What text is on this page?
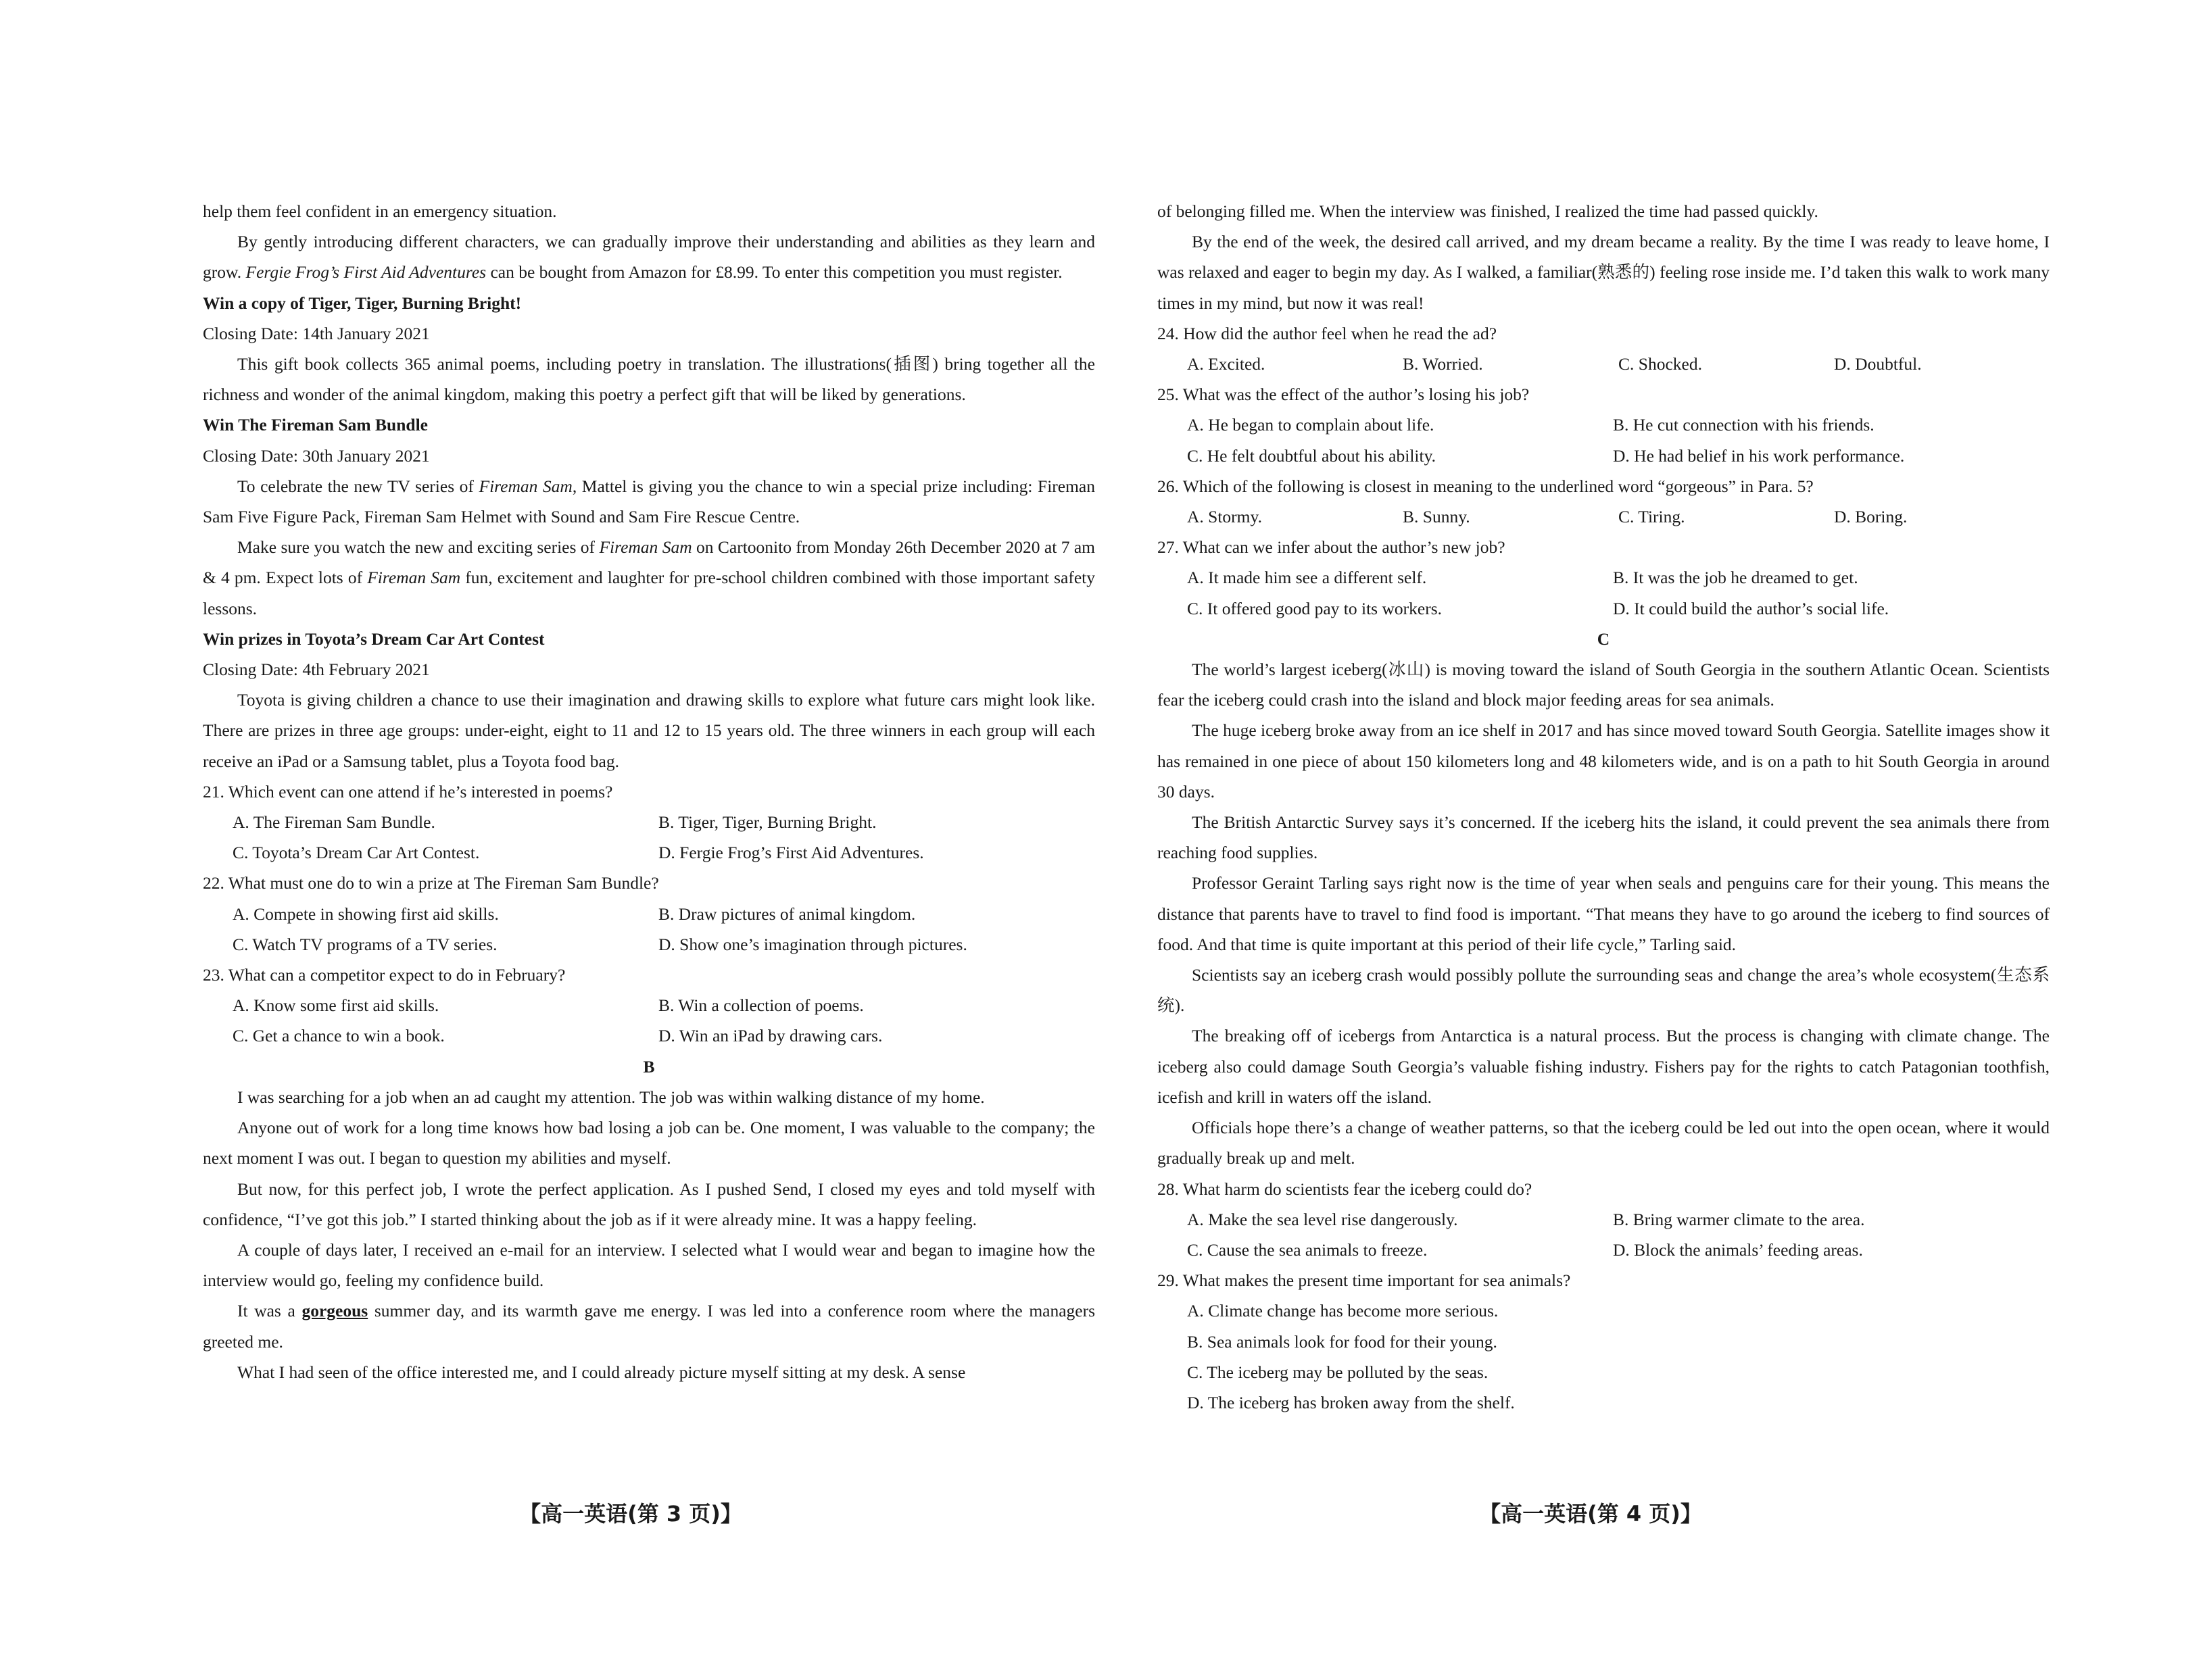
help them feel confident in an emergency situation.

By gently introducing different characters, we can gradually improve their understanding and abilities as they learn and grow. Fergie Frog’s First Aid Adventures can be bought from Amazon for £8.99. To enter this competition you must register.

Win a copy of Tiger, Tiger, Burning Bright!

Closing Date: 14th January 2021

This gift book collects 365 animal poems, including poetry in translation. The illustrations(插图) bring together all the richness and wonder of the animal kingdom, making this poetry a perfect gift that will be liked by generations.

Win The Fireman Sam Bundle

Closing Date: 30th January 2021

To celebrate the new TV series of Fireman Sam, Mattel is giving you the chance to win a special prize including: Fireman Sam Five Figure Pack, Fireman Sam Helmet with Sound and Sam Fire Rescue Centre.

Make sure you watch the new and exciting series of Fireman Sam on Cartoonito from Monday 26th December 2020 at 7 am & 4 pm. Expect lots of Fireman Sam fun, excitement and laughter for pre-school children combined with those important safety lessons.

Win prizes in Toyota’s Dream Car Art Contest

Closing Date: 4th February 2021

Toyota is giving children a chance to use their imagination and drawing skills to explore what future cars might look like. There are prizes in three age groups: under-eight, eight to 11 and 12 to 15 years old. The three winners in each group will each receive an iPad or a Samsung tablet, plus a Toyota food bag.

21. Which event can one attend if he’s interested in poems?

A. The Fireman Sam Bundle.	B. Tiger, Tiger, Burning Bright.
C. Toyota’s Dream Car Art Contest.	D. Fergie Frog’s First Aid Adventures.

22. What must one do to win a prize at The Fireman Sam Bundle?

A. Compete in showing first aid skills.	B. Draw pictures of animal kingdom.
C. Watch TV programs of a TV series.	D. Show one’s imagination through pictures.

23. What can a competitor expect to do in February?

A. Know some first aid skills.	B. Win a collection of poems.
C. Get a chance to win a book.	D. Win an iPad by drawing cars.

B

I was searching for a job when an ad caught my attention. The job was within walking distance of my home.

Anyone out of work for a long time knows how bad losing a job can be. One moment, I was valuable to the company; the next moment I was out. I began to question my abilities and myself.

But now, for this perfect job, I wrote the perfect application. As I pushed Send, I closed my eyes and told myself with confidence, “I’ve got this job.” I started thinking about the job as if it were already mine. It was a happy feeling.

A couple of days later, I received an e-mail for an interview. I selected what I would wear and began to imagine how the interview would go, feeling my confidence build.

It was a gorgeous summer day, and its warmth gave me energy. I was led into a conference room where the managers greeted me.

What I had seen of the office interested me, and I could already picture myself sitting at my desk. A sense

of belonging filled me. When the interview was finished, I realized the time had passed quickly.

By the end of the week, the desired call arrived, and my dream became a reality. By the time I was ready to leave home, I was relaxed and eager to begin my day. As I walked, a familiar(熟悉的) feeling rose inside me. I’d taken this walk to work many times in my mind, but now it was real!

24. How did the author feel when he read the ad?

A. Excited.	B. Worried.	C. Shocked.	D. Doubtful.

25. What was the effect of the author’s losing his job?

A. He began to complain about life.	B. He cut connection with his friends.
C. He felt doubtful about his ability.	D. He had belief in his work performance.

26. Which of the following is closest in meaning to the underlined word “gorgeous” in Para. 5?

A. Stormy.	B. Sunny.	C. Tiring.	D. Boring.

27. What can we infer about the author’s new job?

A. It made him see a different self.	B. It was the job he dreamed to get.
C. It offered good pay to its workers.	D. It could build the author’s social life.

C

The world’s largest iceberg(冰山) is moving toward the island of South Georgia in the southern Atlantic Ocean. Scientists fear the iceberg could crash into the island and block major feeding areas for sea animals.

The huge iceberg broke away from an ice shelf in 2017 and has since moved toward South Georgia. Satellite images show it has remained in one piece of about 150 kilometers long and 48 kilometers wide, and is on a path to hit South Georgia in around 30 days.

The British Antarctic Survey says it’s concerned. If the iceberg hits the island, it could prevent the sea animals there from reaching food supplies.

Professor Geraint Tarling says right now is the time of year when seals and penguins care for their young. This means the distance that parents have to travel to find food is important. “That means they have to go around the iceberg to find sources of food. And that time is quite important at this period of their life cycle,” Tarling said.

Scientists say an iceberg crash would possibly pollute the surrounding seas and change the area’s whole ecosystem(生态系统).

The breaking off of icebergs from Antarctica is a natural process. But the process is changing with climate change. The iceberg also could damage South Georgia’s valuable fishing industry. Fishers pay for the rights to catch Patagonian toothfish, icefish and krill in waters off the island.

Officials hope there’s a change of weather patterns, so that the iceberg could be led out into the open ocean, where it would gradually break up and melt.

28. What harm do scientists fear the iceberg could do?

A. Make the sea level rise dangerously.	B. Bring warmer climate to the area.
C. Cause the sea animals to freeze.	D. Block the animals’ feeding areas.

29. What makes the present time important for sea animals?

A. Climate change has become more serious.
B. Sea animals look for food for their young.
C. The iceberg may be polluted by the seas.
D. The iceberg has broken away from the shelf.
【高一英语(第 3 页)】	【高一英语(第 4 页)】
